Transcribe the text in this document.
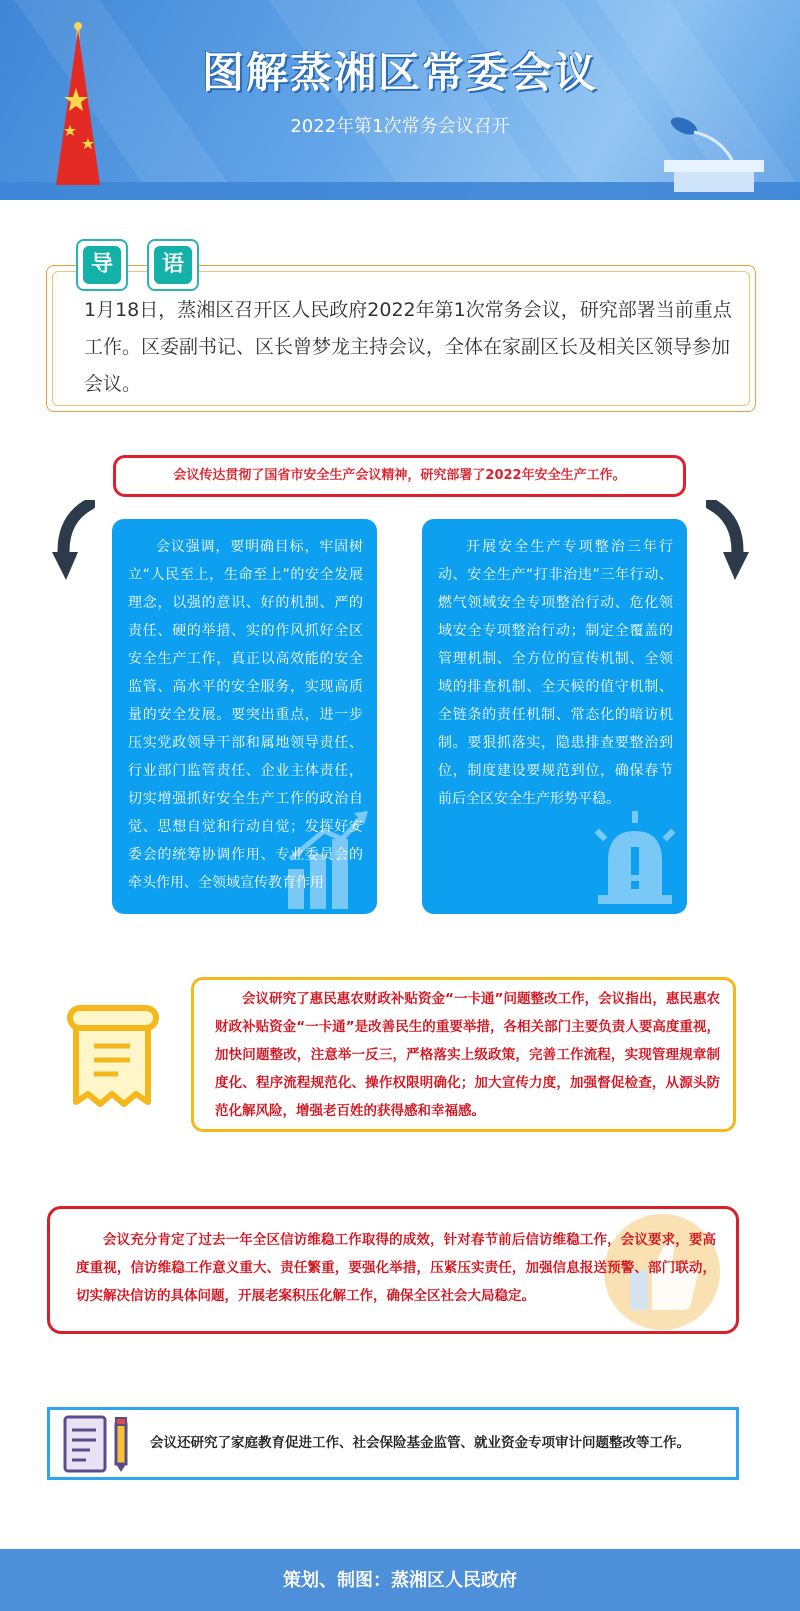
图解蒸湘区常委会议
2022年第1次常务会议召开
导	语
1月18日，蒸湘区召开区人民政府2022年第1次常务会议，研究部署当前重点工作。区委副书记、区长曾梦龙主持会议，全体在家副区长及相关区领导参加会议。
会议传达贯彻了国省市安全生产会议精神，研究部署了2022年安全生产工作。
会议强调，要明确目标，牢固树立“人民至上，生命至上”的安全发展理念，以强的意识、好的机制、严的责任、硬的举措、实的作风抓好全区安全生产工作，真正以高效能的安全监管、高水平的安全服务，实现高质量的安全发展。要突出重点，进一步压实党政领导干部和属地领导责任、行业部门监管责任、企业主体责任，切实增强抓好安全生产工作的政治自觉、思想自觉和行动自觉；发挥好安委会的统筹协调作用、专业委员会的牵头作用、全领域宣传教育作用
开展安全生产专项整治三年行动、安全生产“打非治违”三年行动、燃气领域安全专项整治行动、危化领域安全专项整治行动；制定全覆盖的管理机制、全方位的宣传机制、全领域的排查机制、全天候的值守机制、全链条的责任机制、常态化的暗访机制。要狠抓落实，隐患排查要整治到位，制度建设要规范到位，确保春节前后全区安全生产形势平稳。
会议研究了惠民惠农财政补贴资金“一卡通”问题整改工作，会议指出，惠民惠农财政补贴资金“一卡通”是改善民生的重要举措，各相关部门主要负责人要高度重视，加快问题整改，注意举一反三，严格落实上级政策，完善工作流程，实现管理规章制度化、程序流程规范化、操作权限明确化；加大宣传力度，加强督促检查，从源头防范化解风险，增强老百姓的获得感和幸福感。
会议充分肯定了过去一年全区信访维稳工作取得的成效，针对春节前后信访维稳工作，会议要求，要高度重视，信访维稳工作意义重大、责任繁重，要强化举措，压紧压实责任，加强信息报送预警、部门联动，切实解决信访的具体问题，开展老案积压化解工作，确保全区社会大局稳定。
会议还研究了家庭教育促进工作、社会保险基金监管、就业资金专项审计问题整改等工作。
策划、制图：蒸湘区人民政府
